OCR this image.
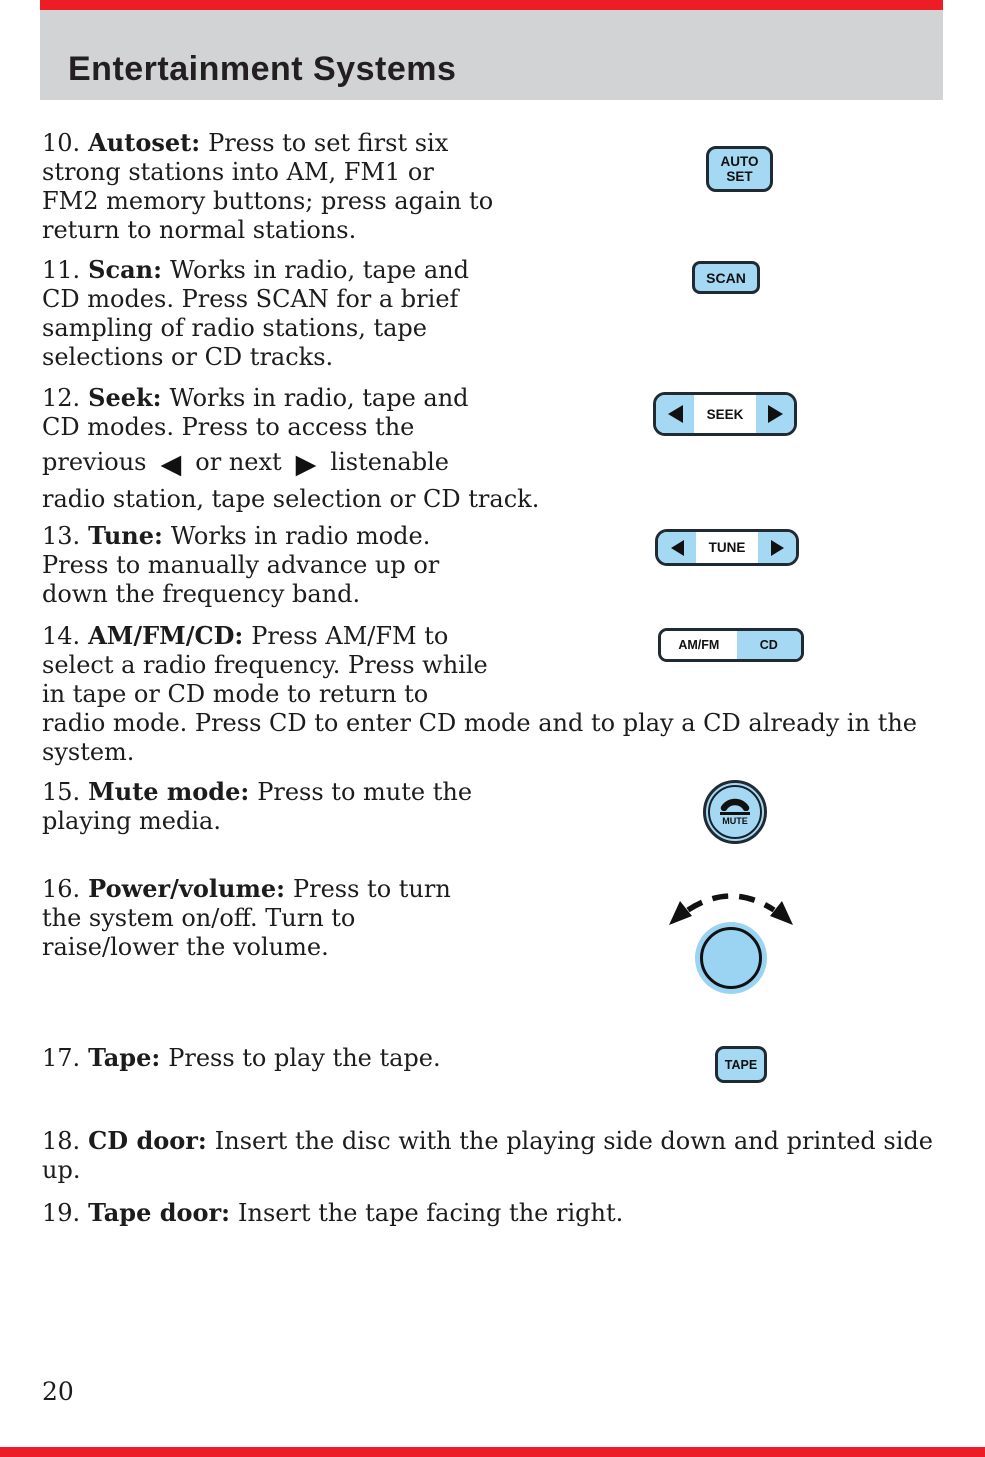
Entertainment Systems
10. Autoset: Press to set first six
strong stations into AM, FM1 or
FM2 memory buttons; press again to
return to normal stations.
AUTO
SET
11. Scan: Works in radio, tape and
CD modes. Press SCAN for a brief
sampling of radio stations, tape
selections or CD tracks.
SCAN
12. Seek: Works in radio, tape and
CD modes. Press to access the
previous ◀ or next ▶ listenable
radio station, tape selection or CD track.
SEEK
13. Tune: Works in radio mode.
Press to manually advance up or
down the frequency band.
TUNE
14. AM/FM/CD: Press AM/FM to
select a radio frequency. Press while
in tape or CD mode to return to
radio mode. Press CD to enter CD mode and to play a CD already in the
system.
AM/FM	CD
15. Mute mode: Press to mute the
playing media.	MUTE
16. Power/volume: Press to turn
the system on/off. Turn to
raise/lower the volume.
17. Tape: Press to play the tape.	TAPE
18. CD door: Insert the disc with the playing side down and printed side
up.
19. Tape door: Insert the tape facing the right.
20
